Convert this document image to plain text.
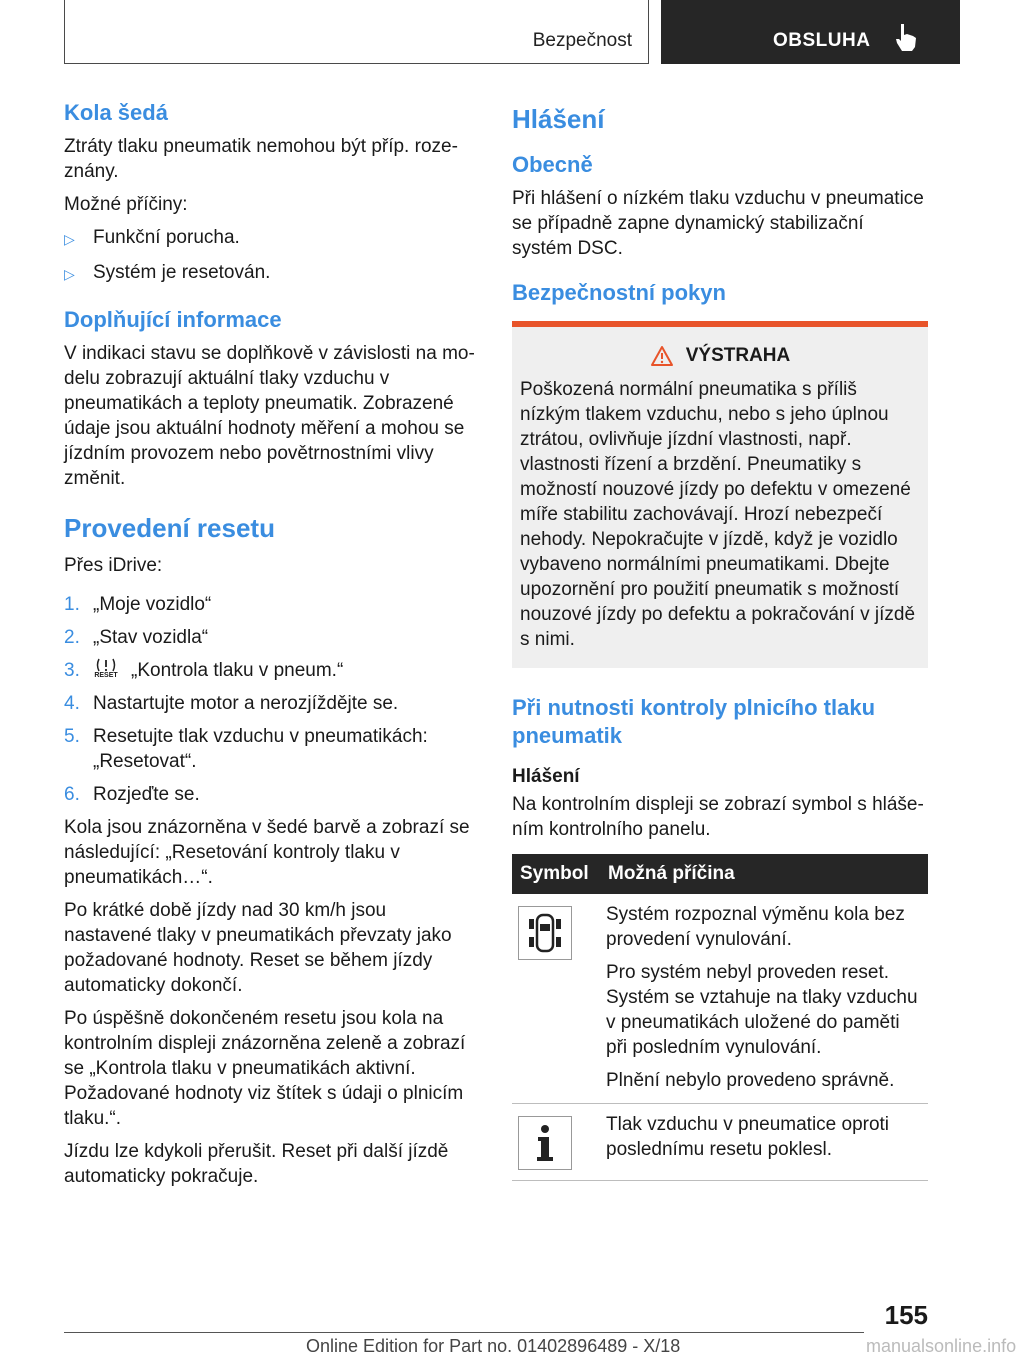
Bezpečnost	OBSLUHA
Kola šedá

Ztráty tlaku pneumatik nemohou být příp. rozeznány.

Možné příčiny:

▷ Funkční porucha.
▷ Systém je resetován.
Doplňující informace

V indikaci stavu se doplňkově v závislosti na modelu zobrazují aktuální tlaky vzduchu v pneumatikách a teploty pneumatik. Zobrazené údaje jsou aktuální hodnoty měření a mohou se jízdním provozem nebo povětrnostními vlivy změnit.

Provedení resetu

Přes iDrive:

1. „Moje vozidlo“
2. „Stav vozidla“
3.	RESET „Kontrola tlaku v pneum.“
4. Nastartujte motor a nerozjíždějte se.
5. Resetujte tlak vzduchu v pneumatikách: „Resetovat“.
6. Rozjeďte se.

Kola jsou znázorněna v šedé barvě a zobrazí se následující: „Resetování kontroly tlaku v pneumatikách…“.

Po krátké době jízdy nad 30 km/h jsou nastavené tlaky v pneumatikách převzaty jako požadované hodnoty. Reset se během jízdy automaticky dokončí.

Po úspěšně dokončeném resetu jsou kola na kontrolním displeji znázorněna zeleně a zobrazí se „Kontrola tlaku v pneumatikách aktivní. Požadované hodnoty viz štítek s údaji o plnicím tlaku.“.

Jízdu lze kdykoli přerušit. Reset při další jízdě automaticky pokračuje.

Hlášení
Obecně

Při hlášení o nízkém tlaku vzduchu v pneumatice se případně zapne dynamický stabilizační systém DSC.

Bezpečnostní pokyn
VÝSTRAHA

Poškozená normální pneumatika s příliš nízkým tlakem vzduchu, nebo s jeho úplnou ztrátou, ovlivňuje jízdní vlastnosti, např. vlastnosti řízení a brzdění. Pneumatiky s možností nouzové jízdy po defektu v omezené míře stabilitu zachovávají. Hrozí nebezpečí nehody. Nepokračujte v jízdě, když je vozidlo vybaveno normálními pneumatikami. Dbejte upozornění pro použití pneumatik s možností nouzové jízdy po defektu a pokračování v jízdě s nimi.

Při nutnosti kontroly plnicího tlaku pneumatik
Hlášení

Na kontrolním displeji se zobrazí symbol s hlášením kontrolního panelu.

Symbol	Možná příčina

Systém rozpoznal výměnu kola bez provedení vynulování.

Pro systém nebyl proveden reset. Systém se vztahuje na tlaky vzduchu v pneumatikách uložené do paměti při posledním vynulování.

Plnění nebylo provedeno správně.

Tlak vzduchu v pneumatice oproti poslednímu resetu poklesl.

155
Online Edition for Part no. 01402896489 - X/18	manualsonline.info
